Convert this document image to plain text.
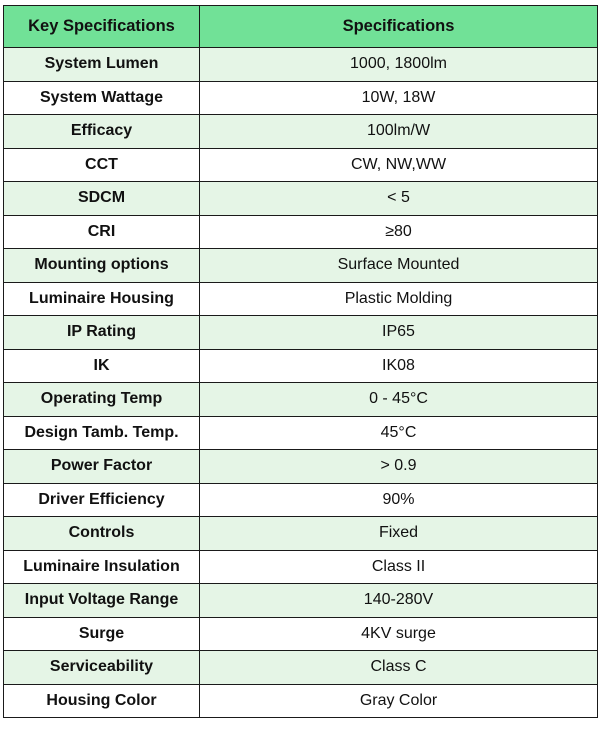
Key Specifications	Specifications
System Lumen	1000, 1800lm
System Wattage	10W, 18W
Efficacy	100lm/W
CCT	CW, NW,WW
SDCM	< 5
CRI	≥80
Mounting options	Surface Mounted
Luminaire Housing	Plastic Molding
IP Rating	IP65
IK	IK08
Operating Temp	0 - 45°C
Design Tamb. Temp.	45°C
Power Factor	> 0.9
Driver Efficiency	90%
Controls	Fixed
Luminaire Insulation	Class II
Input Voltage Range	140-280V
Surge	4KV surge
Serviceability	Class C
Housing Color	Gray Color
